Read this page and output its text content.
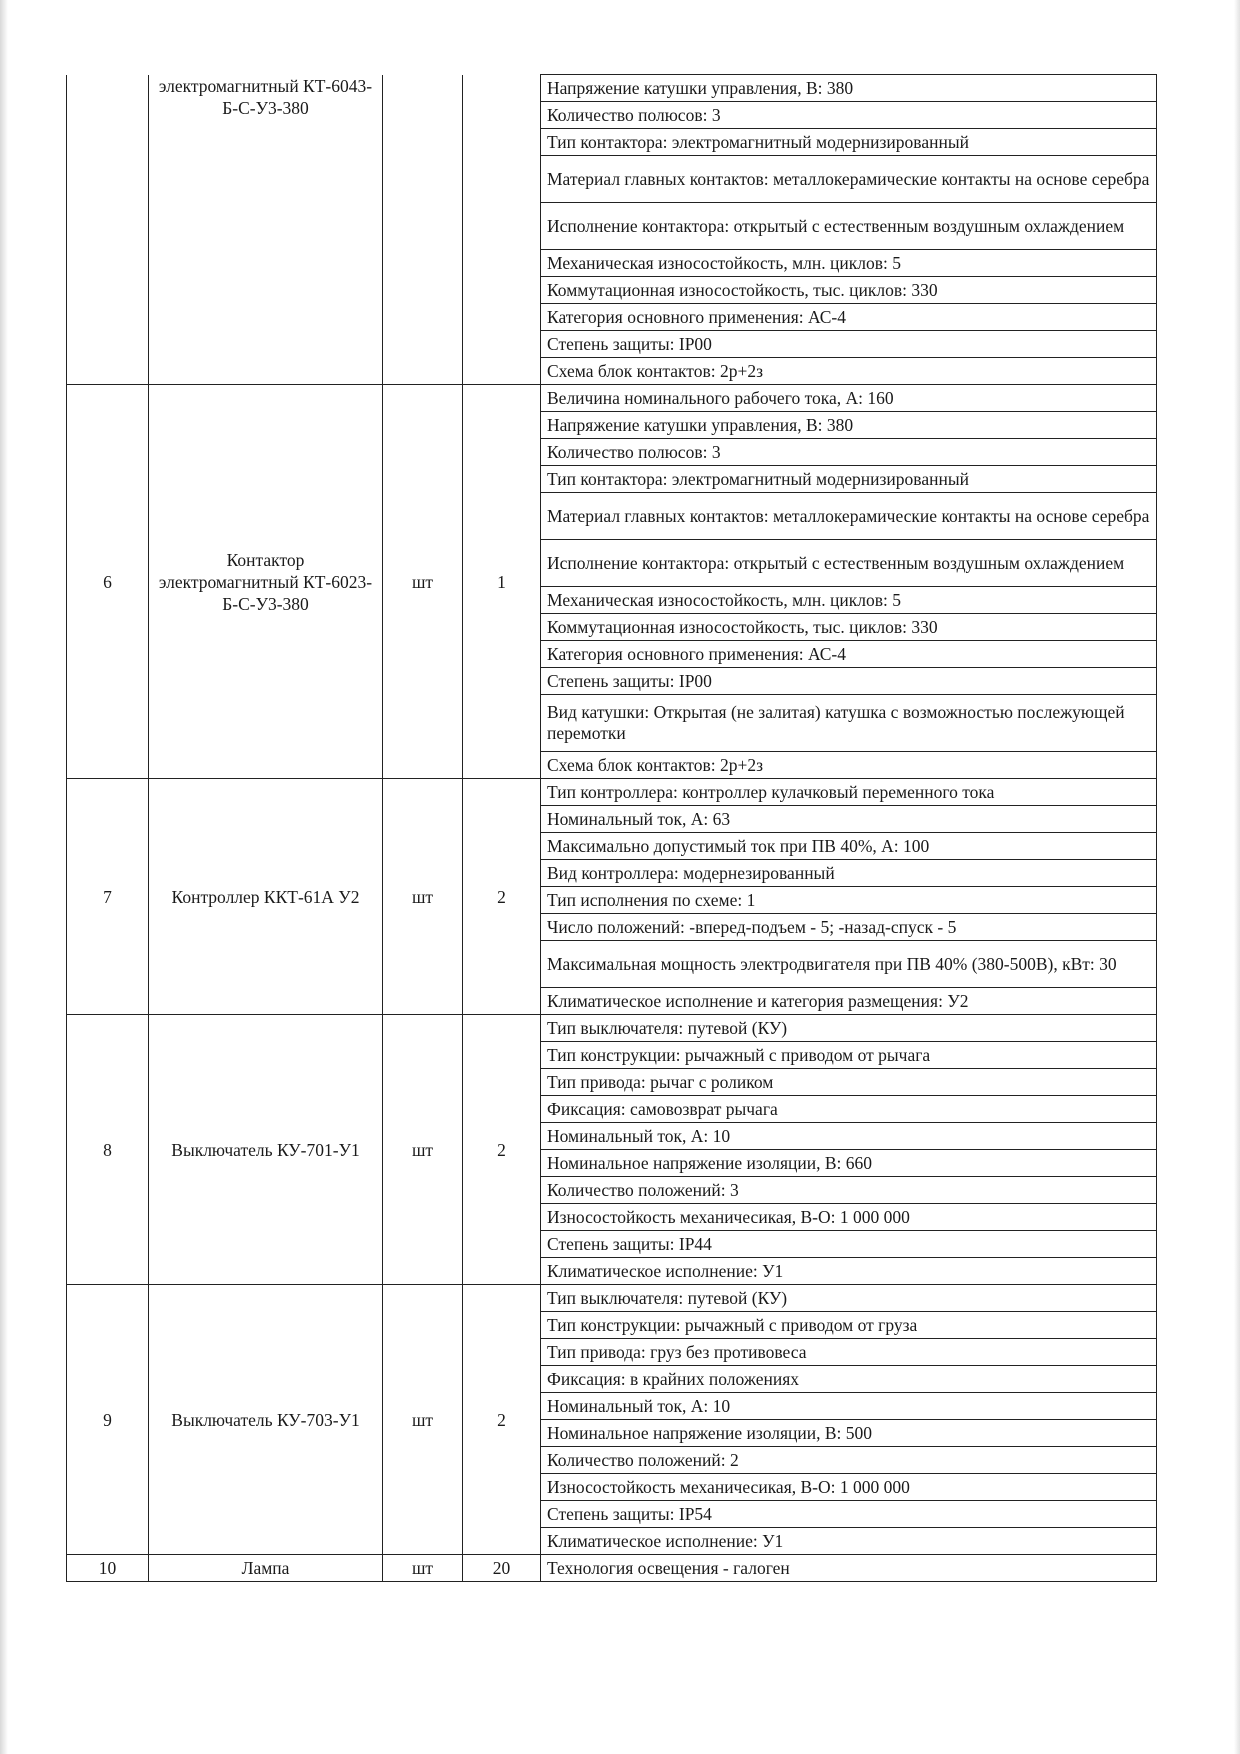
	электромагнитный КТ-6043-Б-С-У3-380			Напряжение катушки управления, В: 380
				Количество полюсов: 3
				Тип контактора: электромагнитный модернизированный
				Материал главных контактов: металлокерамические контакты на основе серебра
				Исполнение контактора: открытый с естественным воздушным охлаждением
				Механическая износостойкость, млн. циклов: 5
				Коммутационная износостойкость, тыс. циклов: 330
				Категория основного применения: АС-4
				Степень защиты: IP00
				Схема блок контактов: 2р+2з
6	Контактор электромагнитный КТ-6023-Б-С-У3-380	шт	1	Величина номинального рабочего тока, А: 160
				Напряжение катушки управления, В: 380
				Количество полюсов: 3
				Тип контактора: электромагнитный модернизированный
				Материал главных контактов: металлокерамические контакты на основе серебра
				Исполнение контактора: открытый с естественным воздушным охлаждением
				Механическая износостойкость, млн. циклов: 5
				Коммутационная износостойкость, тыс. циклов: 330
				Категория основного применения: АС-4
				Степень защиты: IP00
				Вид катушки: Открытая (не залитая) катушка с возможностью послежующей перемотки
				Схема блок контактов: 2р+2з
7	Контроллер ККТ-61А У2	шт	2	Тип контроллера: контроллер кулачковый переменного тока
				Номинальный ток, А: 63
				Максимально допустимый ток при ПВ 40%, А: 100
				Вид контроллера: модернезированный
				Тип исполнения по схеме: 1
				Число положений: -вперед-подъем - 5; -назад-спуск - 5
				Максимальная мощность электродвигателя при ПВ 40% (380-500В), кВт: 30
				Климатическое исполнение и категория размещения: У2
8	Выключатель КУ-701-У1	шт	2	Тип выключателя: путевой (КУ)
				Тип конструкции: рычажный с приводом от рычага
				Тип привода: рычаг с роликом
				Фиксация: самовозврат рычага
				Номинальный ток, А: 10
				Номинальное напряжение изоляции, В: 660
				Количество положений: 3
				Износостойкость механичесикая, В-О: 1 000 000
				Степень защиты: IP44
				Климатическое исполнение: У1
9	Выключатель КУ-703-У1	шт	2	Тип выключателя: путевой (КУ)
				Тип конструкции: рычажный с приводом от груза
				Тип привода: груз без противовеса
				Фиксация: в крайних положениях
				Номинальный ток, А: 10
				Номинальное напряжение изоляции, В: 500
				Количество положений: 2
				Износостойкость механичесикая, В-О: 1 000 000
				Степень защиты: IP54
				Климатическое исполнение: У1
10	Лампа	шт	20	Технология освещения - галоген
